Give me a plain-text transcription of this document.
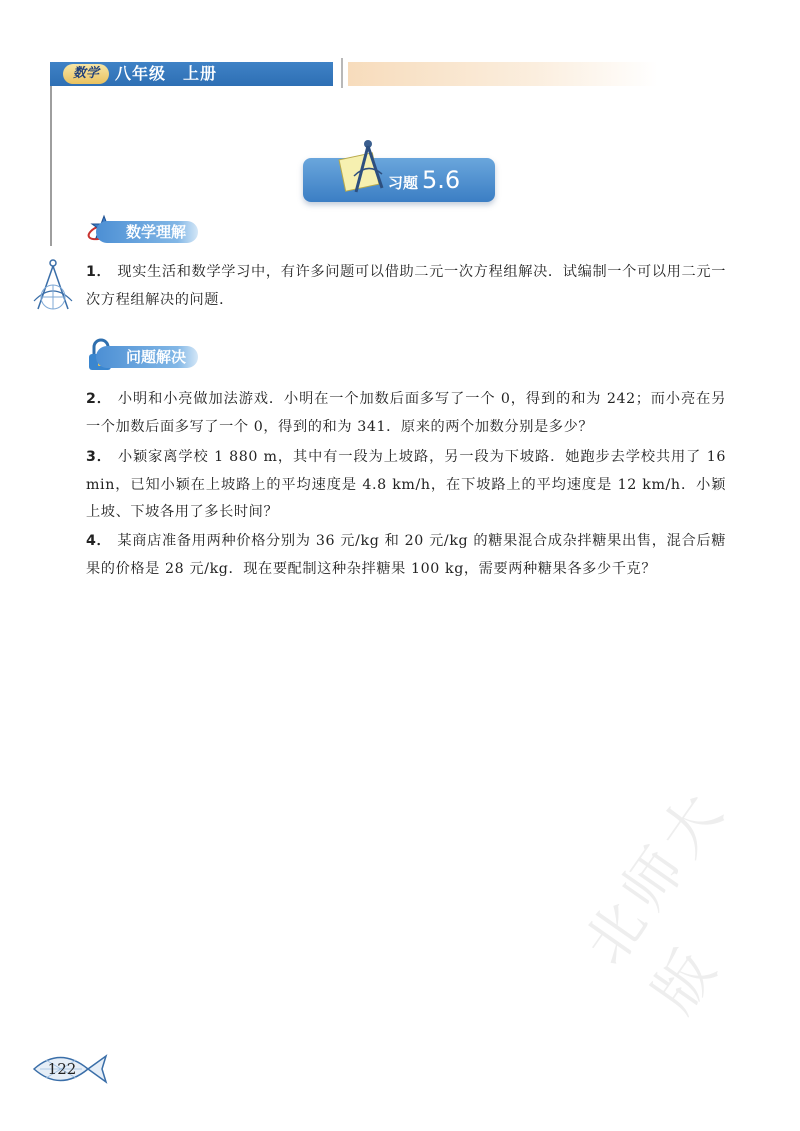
数学	八年级　上册
习题 5.6
数学理解
1． 现实生活和数学学习中，有许多问题可以借助二元一次方程组解决．试编制一个可以用二元一次方程组解决的问题．
问题解决
2． 小明和小亮做加法游戏．小明在一个加数后面多写了一个 0，得到的和为 242；而小亮在另一个加数后面多写了一个 0，得到的和为 341．原来的两个加数分别是多少？
3． 小颖家离学校 1 880 m，其中有一段为上坡路，另一段为下坡路．她跑步去学校共用了 16 min，已知小颖在上坡路上的平均速度是 4.8 km/h，在下坡路上的平均速度是 12 km/h．小颖上坡、下坡各用了多长时间？
4． 某商店准备用两种价格分别为 36 元/kg 和 20 元/kg 的糖果混合成杂拌糖果出售，混合后糖果的价格是 28 元/kg．现在要配制这种杂拌糖果 100 kg，需要两种糖果各多少千克？
122
北师大版
